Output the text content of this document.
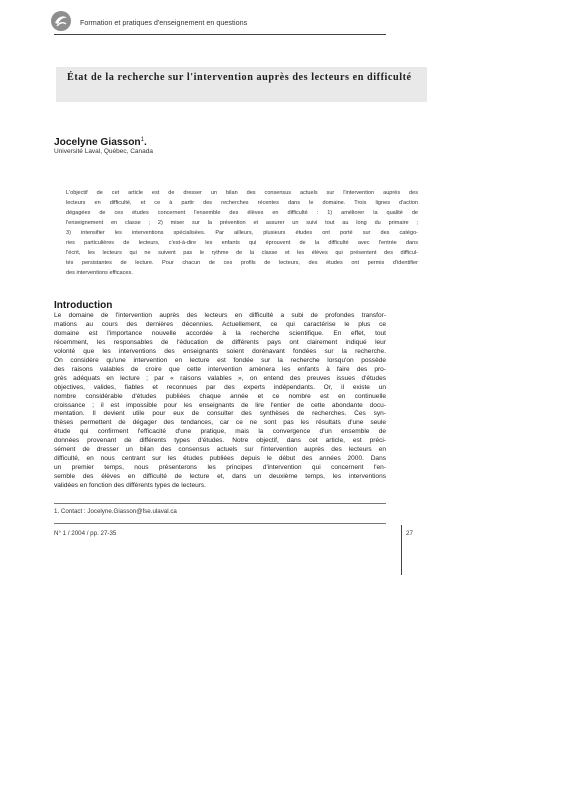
Formation et pratiques d'enseignement en questions
État de la recherche sur l'intervention auprès des lecteurs en difficulté
Jocelyne Giasson$^1$.
Université Laval, Québec, Canada

L'objectif de cet article est de dresser un bilan des consensus actuels sur l'intervention auprès des
lecteurs en difficulté, et ce à partir des recherches récentes dans le domaine. Trois lignes d'action
dégagées de ces études concernent l'ensemble des élèves en difficulté : 1) améliorer la qualité de
l'enseignement en classe ; 2) miser sur la prévention et assurer un suivi tout au long du primaire ;
3) intensifier les interventions spécialisées. Par ailleurs, plusieurs études ont porté sur des catégo-
ries particulières de lecteurs, c'est-à-dire les enfants qui éprouvent de la difficulté avec l'entrée dans
l'écrit, les lecteurs qui ne suivent pas le rythme de la classe et les élèves qui présentent des difficul-
tés persistantes de lecture. Pour chacun de ces profils de lecteurs, des études ont permis d'identifier
des interventions efficaces.

Introduction
Le domaine de l'intervention auprès des lecteurs en difficulté a subi de profondes transfor-
mations au cours des dernières décennies. Actuellement, ce qui caractérise le plus ce
domaine est l'importance nouvelle accordée à la recherche scientifique. En effet, tout
récemment, les responsables de l'éducation de différents pays ont clairement indiqué leur
volonté que les interventions des enseignants soient dorénavant fondées sur la recherche.
On considère qu'une intervention en lecture est fondée sur la recherche lorsqu'on possède
des raisons valables de croire que cette intervention amènera les enfants à faire des pro-
grès adéquats en lecture ; par « raisons valables », on entend des preuves issues d'études
objectives, valides, fiables et reconnues par des experts indépendants. Or, il existe un
nombre considérable d'études publiées chaque année et ce nombre est en continuelle
croissance ; il est impossible pour les enseignants de lire l'entier de cette abondante docu-
mentation. Il devient utile pour eux de consulter des synthèses de recherches. Ces syn-
thèses permettent de dégager des tendances, car ce ne sont pas les résultats d'une seule
étude qui confirment l'efficacité d'une pratique, mais la convergence d'un ensemble de
données provenant de différents types d'études. Notre objectif, dans cet article, est préci-
sément de dresser un bilan des consensus actuels sur l'intervention auprès des lecteurs en
difficulté, en nous centrant sur les études publiées depuis le début des années 2000. Dans
un premier temps, nous présenterons les principes d'intervention qui concernent l'en-
semble des élèves en difficulté de lecture et, dans un deuxième temps, les interventions
validées en fonction des différents types de lecteurs.
1. Contact : Jocelyne.Giasson@fse.ulaval.ca
N° 1 / 2004 / pp. 27-35	27
